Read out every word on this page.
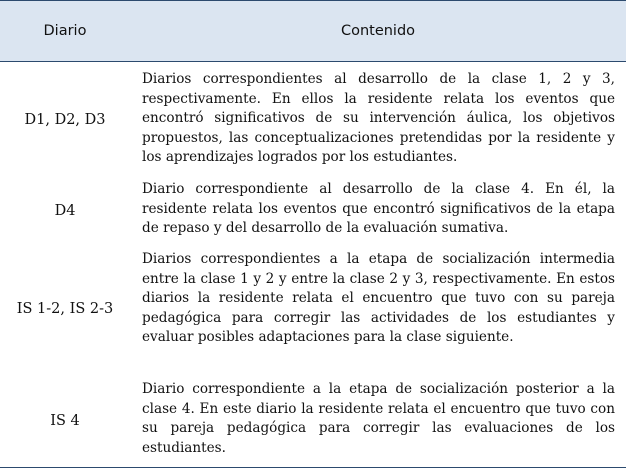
Diario	Contenido
D1, D2, D3
Diarios correspondientes al desarrollo de la clase 1, 2 y 3, respectivamente. En ellos la residente relata los eventos que encontró significativos de su intervención áulica, los objetivos propuestos, las conceptualizaciones pretendidas por la residente y los aprendizajes logrados por los estudiantes.
D4
Diario correspondiente al desarrollo de la clase 4. En él, la residente relata los eventos que encontró significativos de la etapa de repaso y del desarrollo de la evaluación sumativa.
IS 1-2, IS 2-3
Diarios correspondientes a la etapa de socialización intermedia entre la clase 1 y 2 y entre la clase 2 y 3, respectivamente. En estos diarios la residente relata el encuentro que tuvo con su pareja pedagógica para corregir las actividades de los estudiantes y evaluar posibles adaptaciones para la clase siguiente.
IS 4
Diario correspondiente a la etapa de socialización posterior a la clase 4. En este diario la residente relata el encuentro que tuvo con su pareja pedagógica para corregir las evaluaciones de los estudiantes.
